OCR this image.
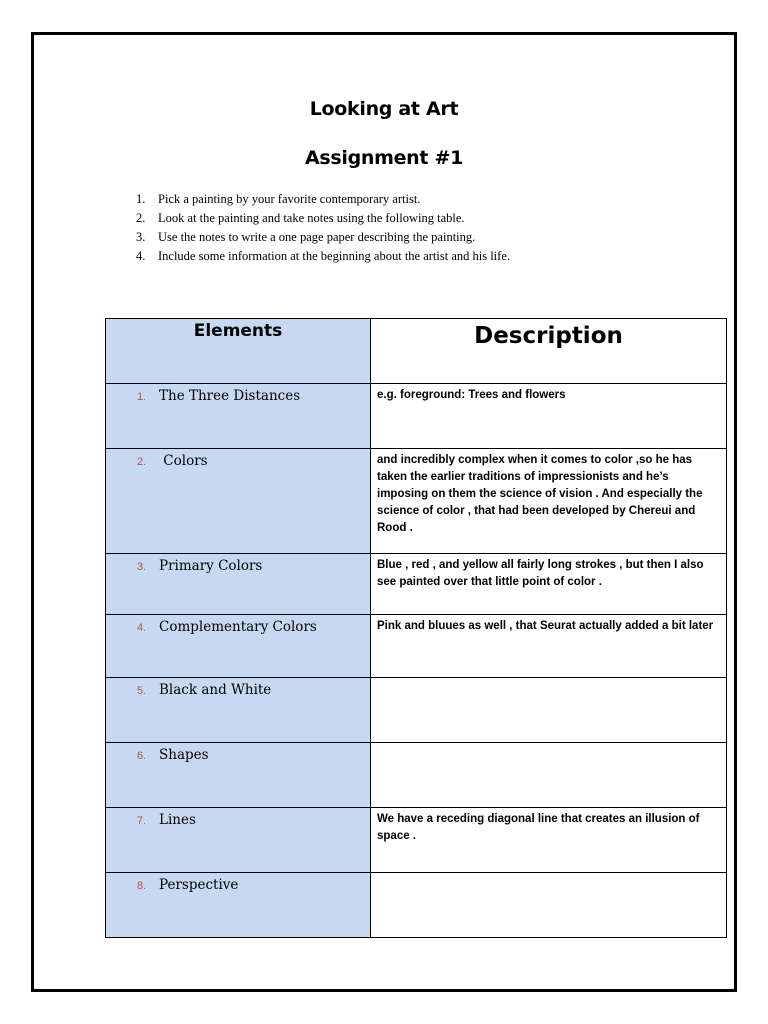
Looking at Art
Assignment #1
1.	Pick a painting by your favorite contemporary artist.
2.	Look at the painting and take notes using the following table.
3.	Use the notes to write a one page paper describing the painting.
4.	Include some information at the beginning about the artist and his life.
Elements	Description
1. The Three Distances	e.g. foreground: Trees and flowers
2. Colors	and incredibly complex when it comes to color ,so he has taken the earlier traditions of impressionists and he’s imposing on them the science of vision . And especially the science of color , that had been developed by Chereui and Rood .
3. Primary Colors	Blue , red , and yellow all fairly long strokes , but then I also see painted over that little point of color .
4. Complementary Colors	Pink and bluues as well , that Seurat actually added a bit later
5. Black and White	
6. Shapes	
7. Lines	We have a receding diagonal line that creates an illusion of space .
8. Perspective	
